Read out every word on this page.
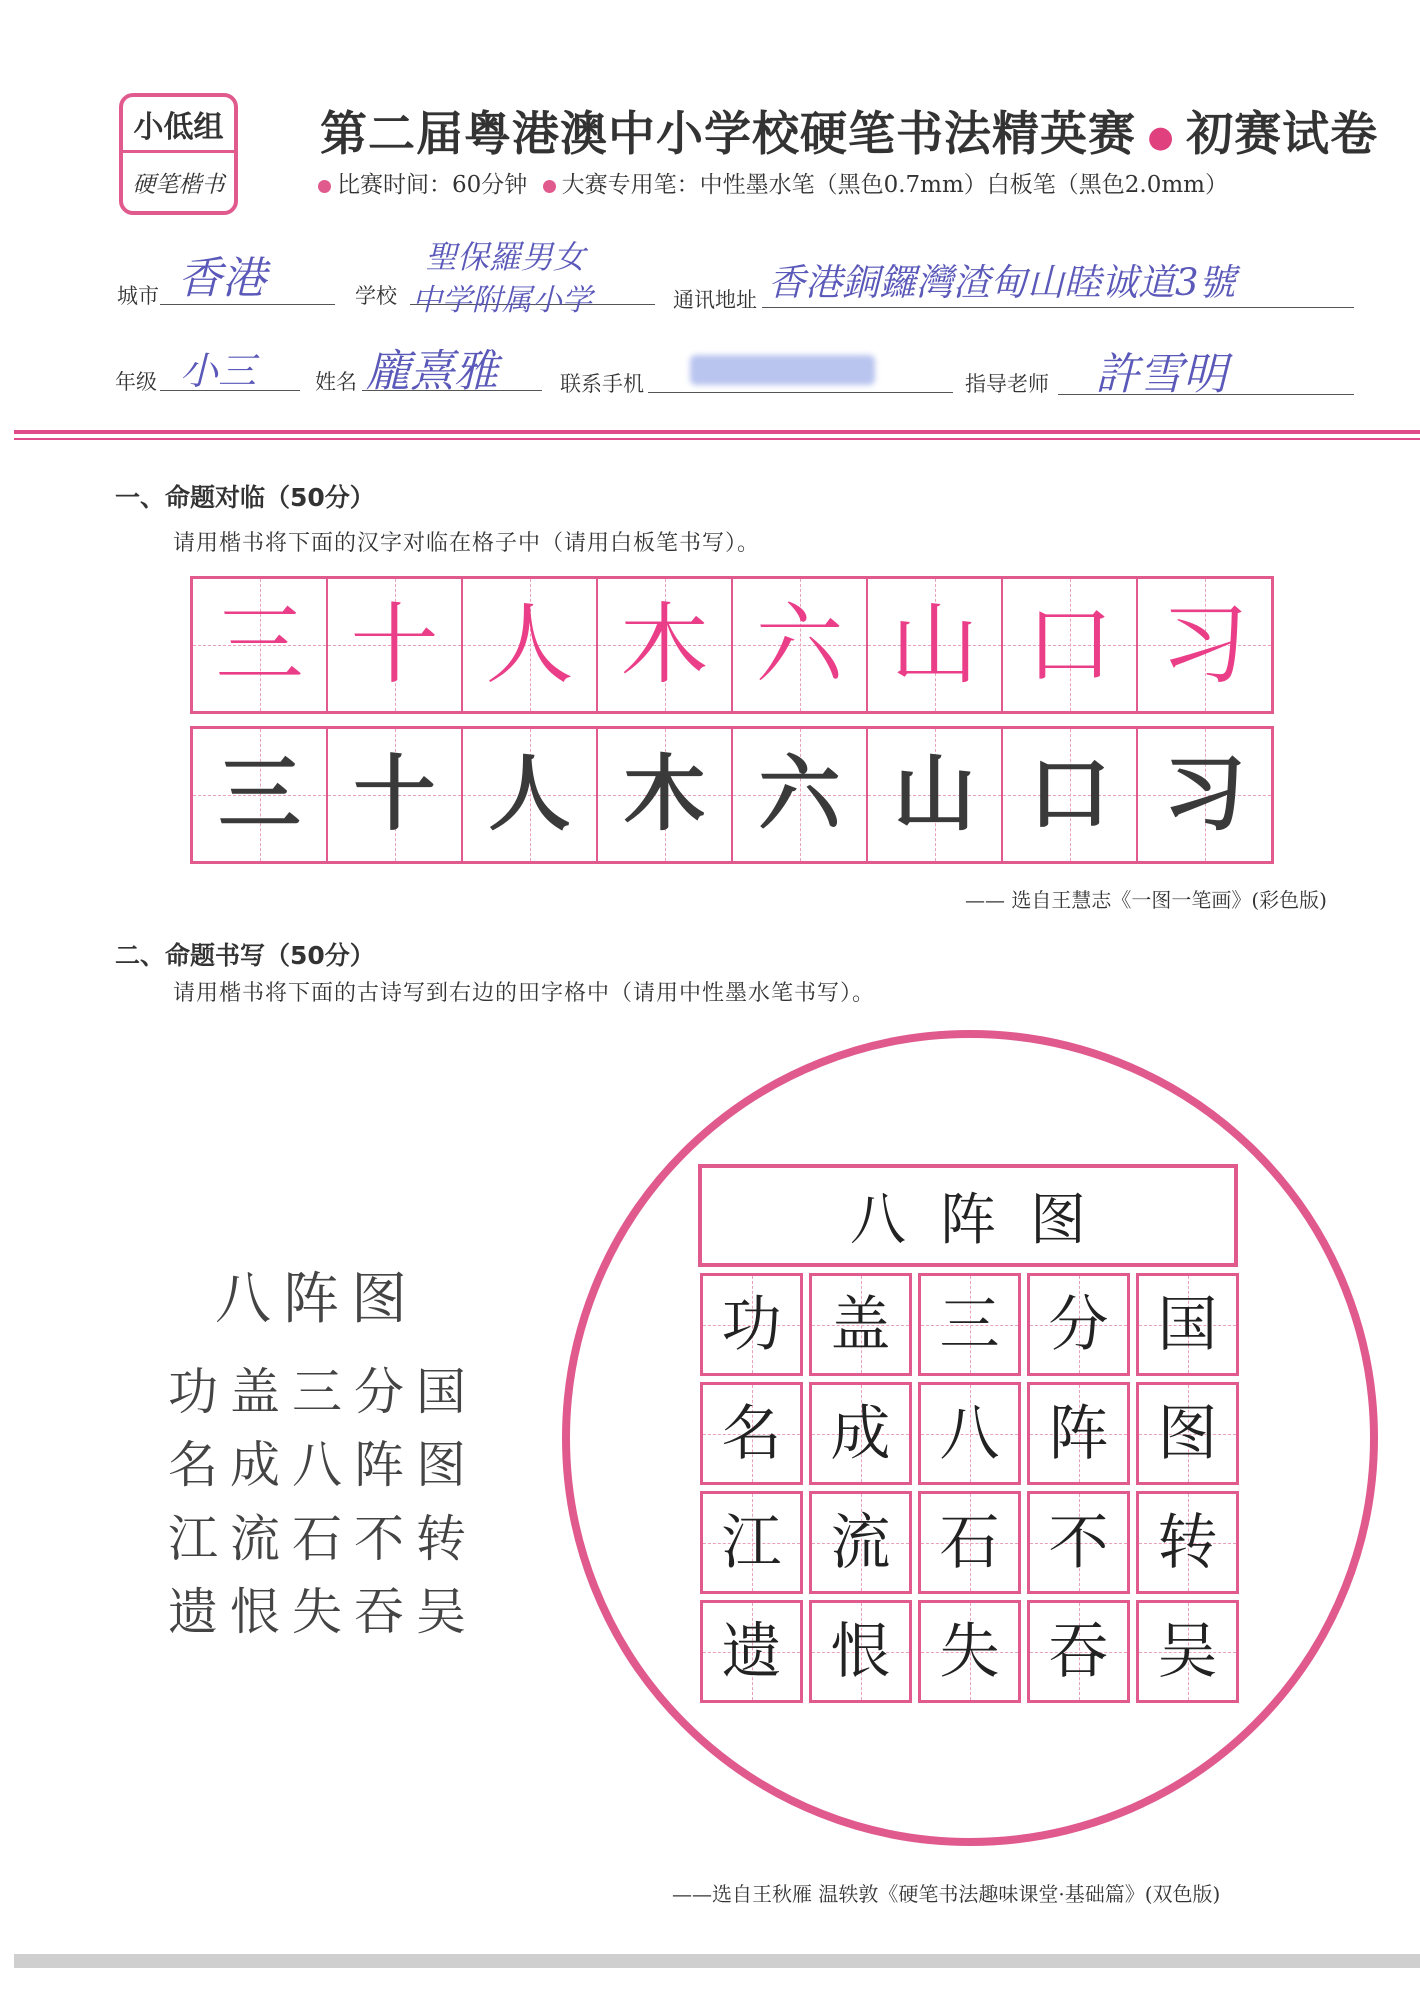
小低组
硬笔楷书
第二届粤港澳中小学校硬笔书法精英赛 ● 初赛试卷
比赛时间：60分钟 大赛专用笔：中性墨水笔（黑色0.7mm）白板笔（黑色2.0mm）
城市 香港	学校
聖保羅男女
中学附属小学	通讯地址 香港銅鑼灣渣甸山睦诚道3號
年级 小三	姓名 龐熹雅	联系手机	指导老师 許雪明
一、命题对临（50分）
请用楷书将下面的汉字对临在格子中（请用白板笔书写）。
三 十 人 木 六 山 口 习
三 十 人 木 六 山 口 习
—— 选自王慧志《一图一笔画》(彩色版)
二、命题书写（50分）
请用楷书将下面的古诗写到右边的田字格中（请用中性墨水笔书写）。
八阵图
功盖三分国
名成八阵图
江流石不转
遗恨失吞吴
八阵图
功 盖 三 分 国
名 成 八 阵 图
江 流 石 不 转
遗 恨 失 吞 吴
——选自王秋雁 温轶敦《硬笔书法趣味课堂·基础篇》(双色版)
